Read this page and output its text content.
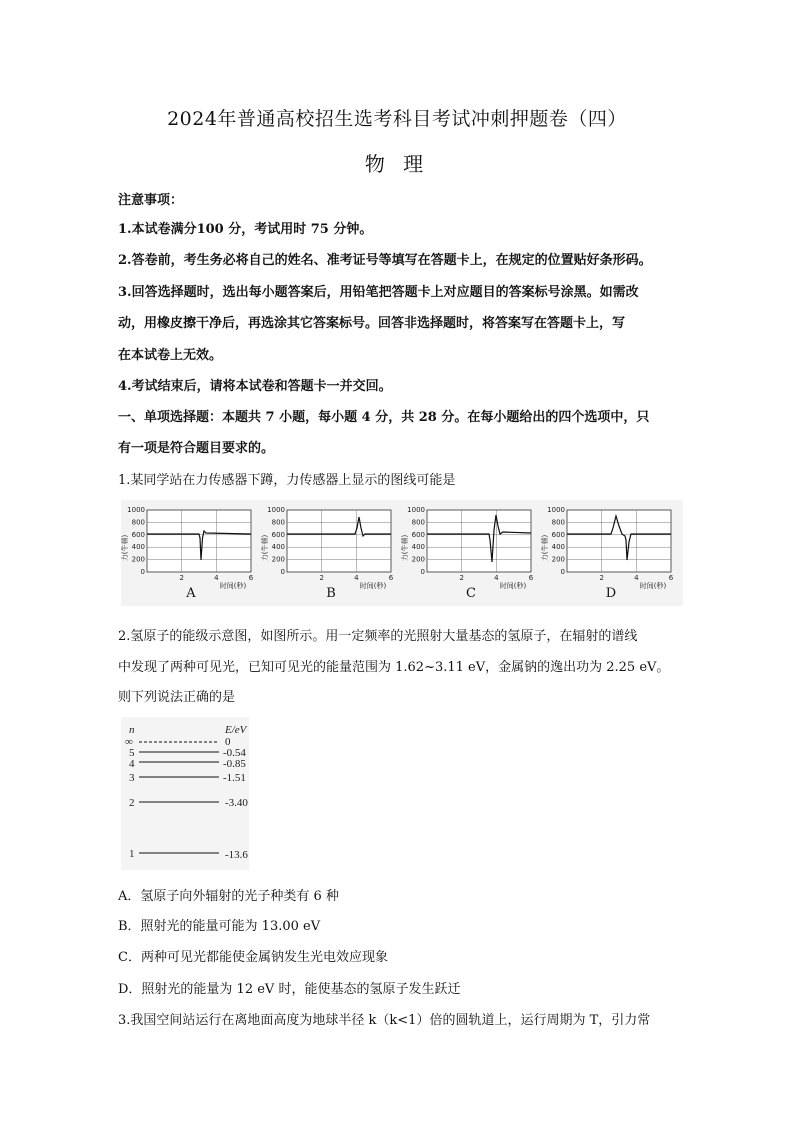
2024年普通高校招生选考科目考试冲刺押题卷（四）
物 理
注意事项：
1.本试卷满分100 分，考试用时 75 分钟。
2.答卷前，考生务必将自己的姓名、准考证号等填写在答题卡上，在规定的位置贴好条形码。
3.回答选择题时，选出每小题答案后，用铅笔把答题卡上对应题目的答案标号涂黑。如需改
动，用橡皮擦干净后，再选涂其它答案标号。回答非选择题时，将答案写在答题卡上，写
在本试卷上无效。
4.考试结束后，请将本试卷和答题卡一并交回。
一、单项选择题：本题共 7 小题，每小题 4 分，共 28 分。在每小题给出的四个选项中，只
有一项是符合题目要求的。
1.某同学站在力传感器下蹲，力传感器上显示的图线可能是
力(牛顿)
1000
800
600
400
200
0
2	4	6
时间(秒)
A
力(牛顿)
1000
800
600
400
200
0
2	4	6
时间(秒)
B
力(牛顿)
1000
800
600
400
200
0
2	4	6
时间(秒)
C
力(牛顿)
1000
800
600
400
200
0
2	4	6
时间(秒)
D
2.氢原子的能级示意图，如图所示。用一定频率的光照射大量基态的氢原子，在辐射的谱线
中发现了两种可见光，已知可见光的能量范围为 1.62~3.11 eV，金属钠的逸出功为 2.25 eV。
则下列说法正确的是
n	E/eV
∞	0
5	-0.54
4	-0.85
3	-1.51
2	-3.40
1	-13.6
A．氢原子向外辐射的光子种类有 6 种
B．照射光的能量可能为 13.00 eV
C．两种可见光都能使金属钠发生光电效应现象
D．照射光的能量为 12 eV 时，能使基态的氢原子发生跃迁
3.我国空间站运行在离地面高度为地球半径 k（k<1）倍的圆轨道上，运行周期为 T，引力常
